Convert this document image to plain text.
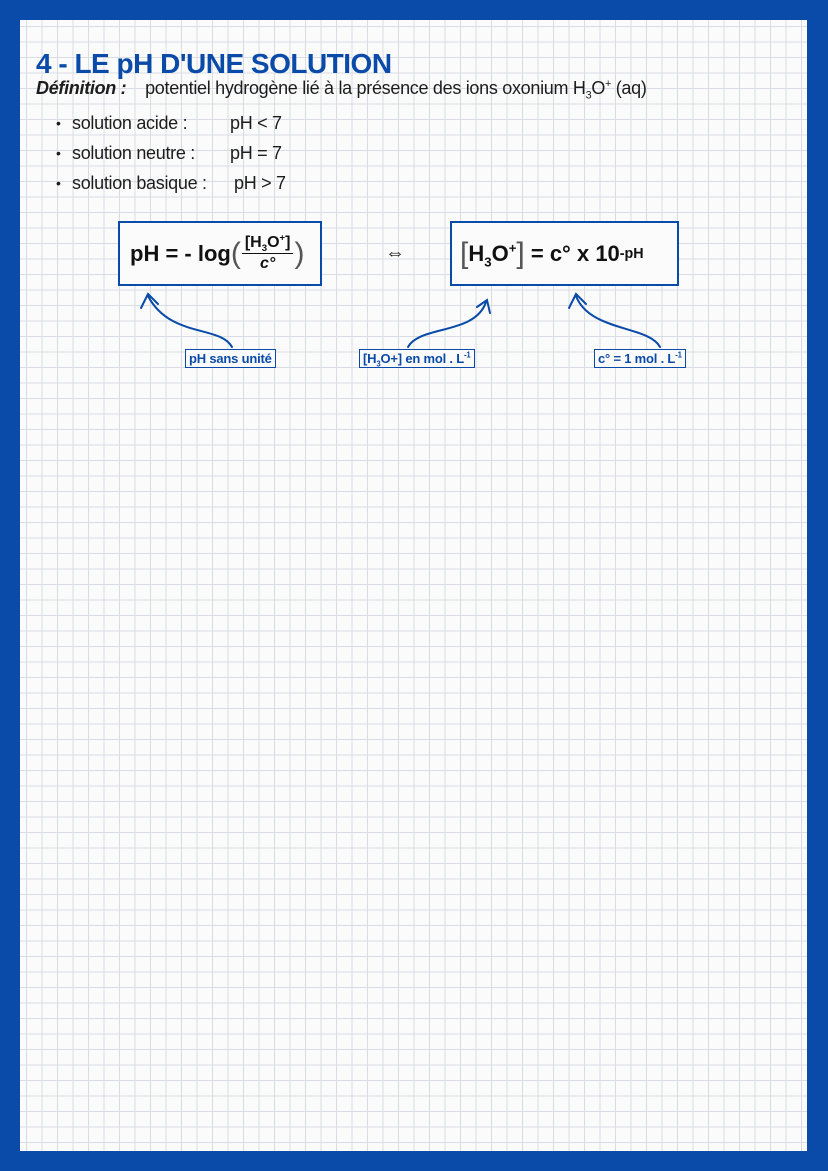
4 - LE pH D'UNE SOLUTION
Définition : potentiel hydrogène lié à la présence des ions oxonium $H_3O^+$ (aq)
• solution acide :	pH < 7
• solution neutre :	pH = 7
• solution basique :	pH > 7
pH = - log ( $\frac{[H_3O^+]}{c^\circ}$ )	⇔ [ $H_3O^+$ ] = c° x 10 -pH
pH sans unité	$[H_3O+]$ en mol . $L^{-1}$	c° = 1 mol . $L^{-1}$
